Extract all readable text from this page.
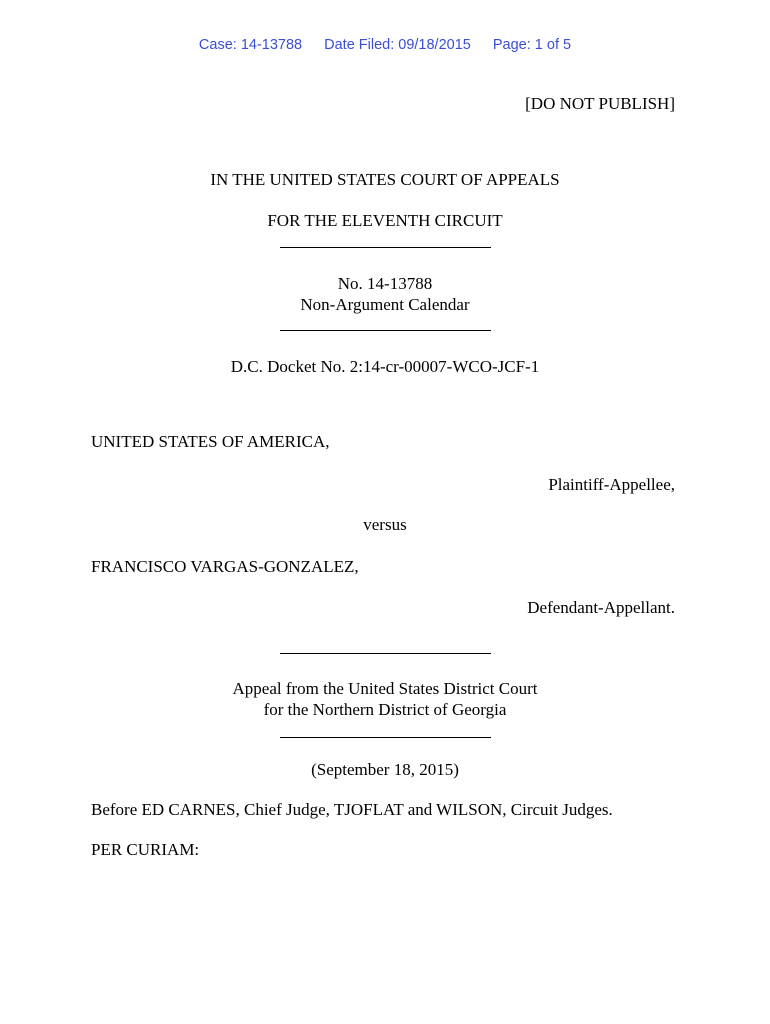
Case: 14-13788 Date Filed: 09/18/2015 Page: 1 of 5
[DO NOT PUBLISH]
IN THE UNITED STATES COURT OF APPEALS
FOR THE ELEVENTH CIRCUIT
No. 14-13788
Non-Argument Calendar
D.C. Docket No. 2:14-cr-00007-WCO-JCF-1
UNITED STATES OF AMERICA,
Plaintiff-Appellee,
versus
FRANCISCO VARGAS-GONZALEZ,
Defendant-Appellant.
Appeal from the United States District Court
for the Northern District of Georgia
(September 18, 2015)
Before ED CARNES, Chief Judge, TJOFLAT and WILSON, Circuit Judges.
PER CURIAM:
